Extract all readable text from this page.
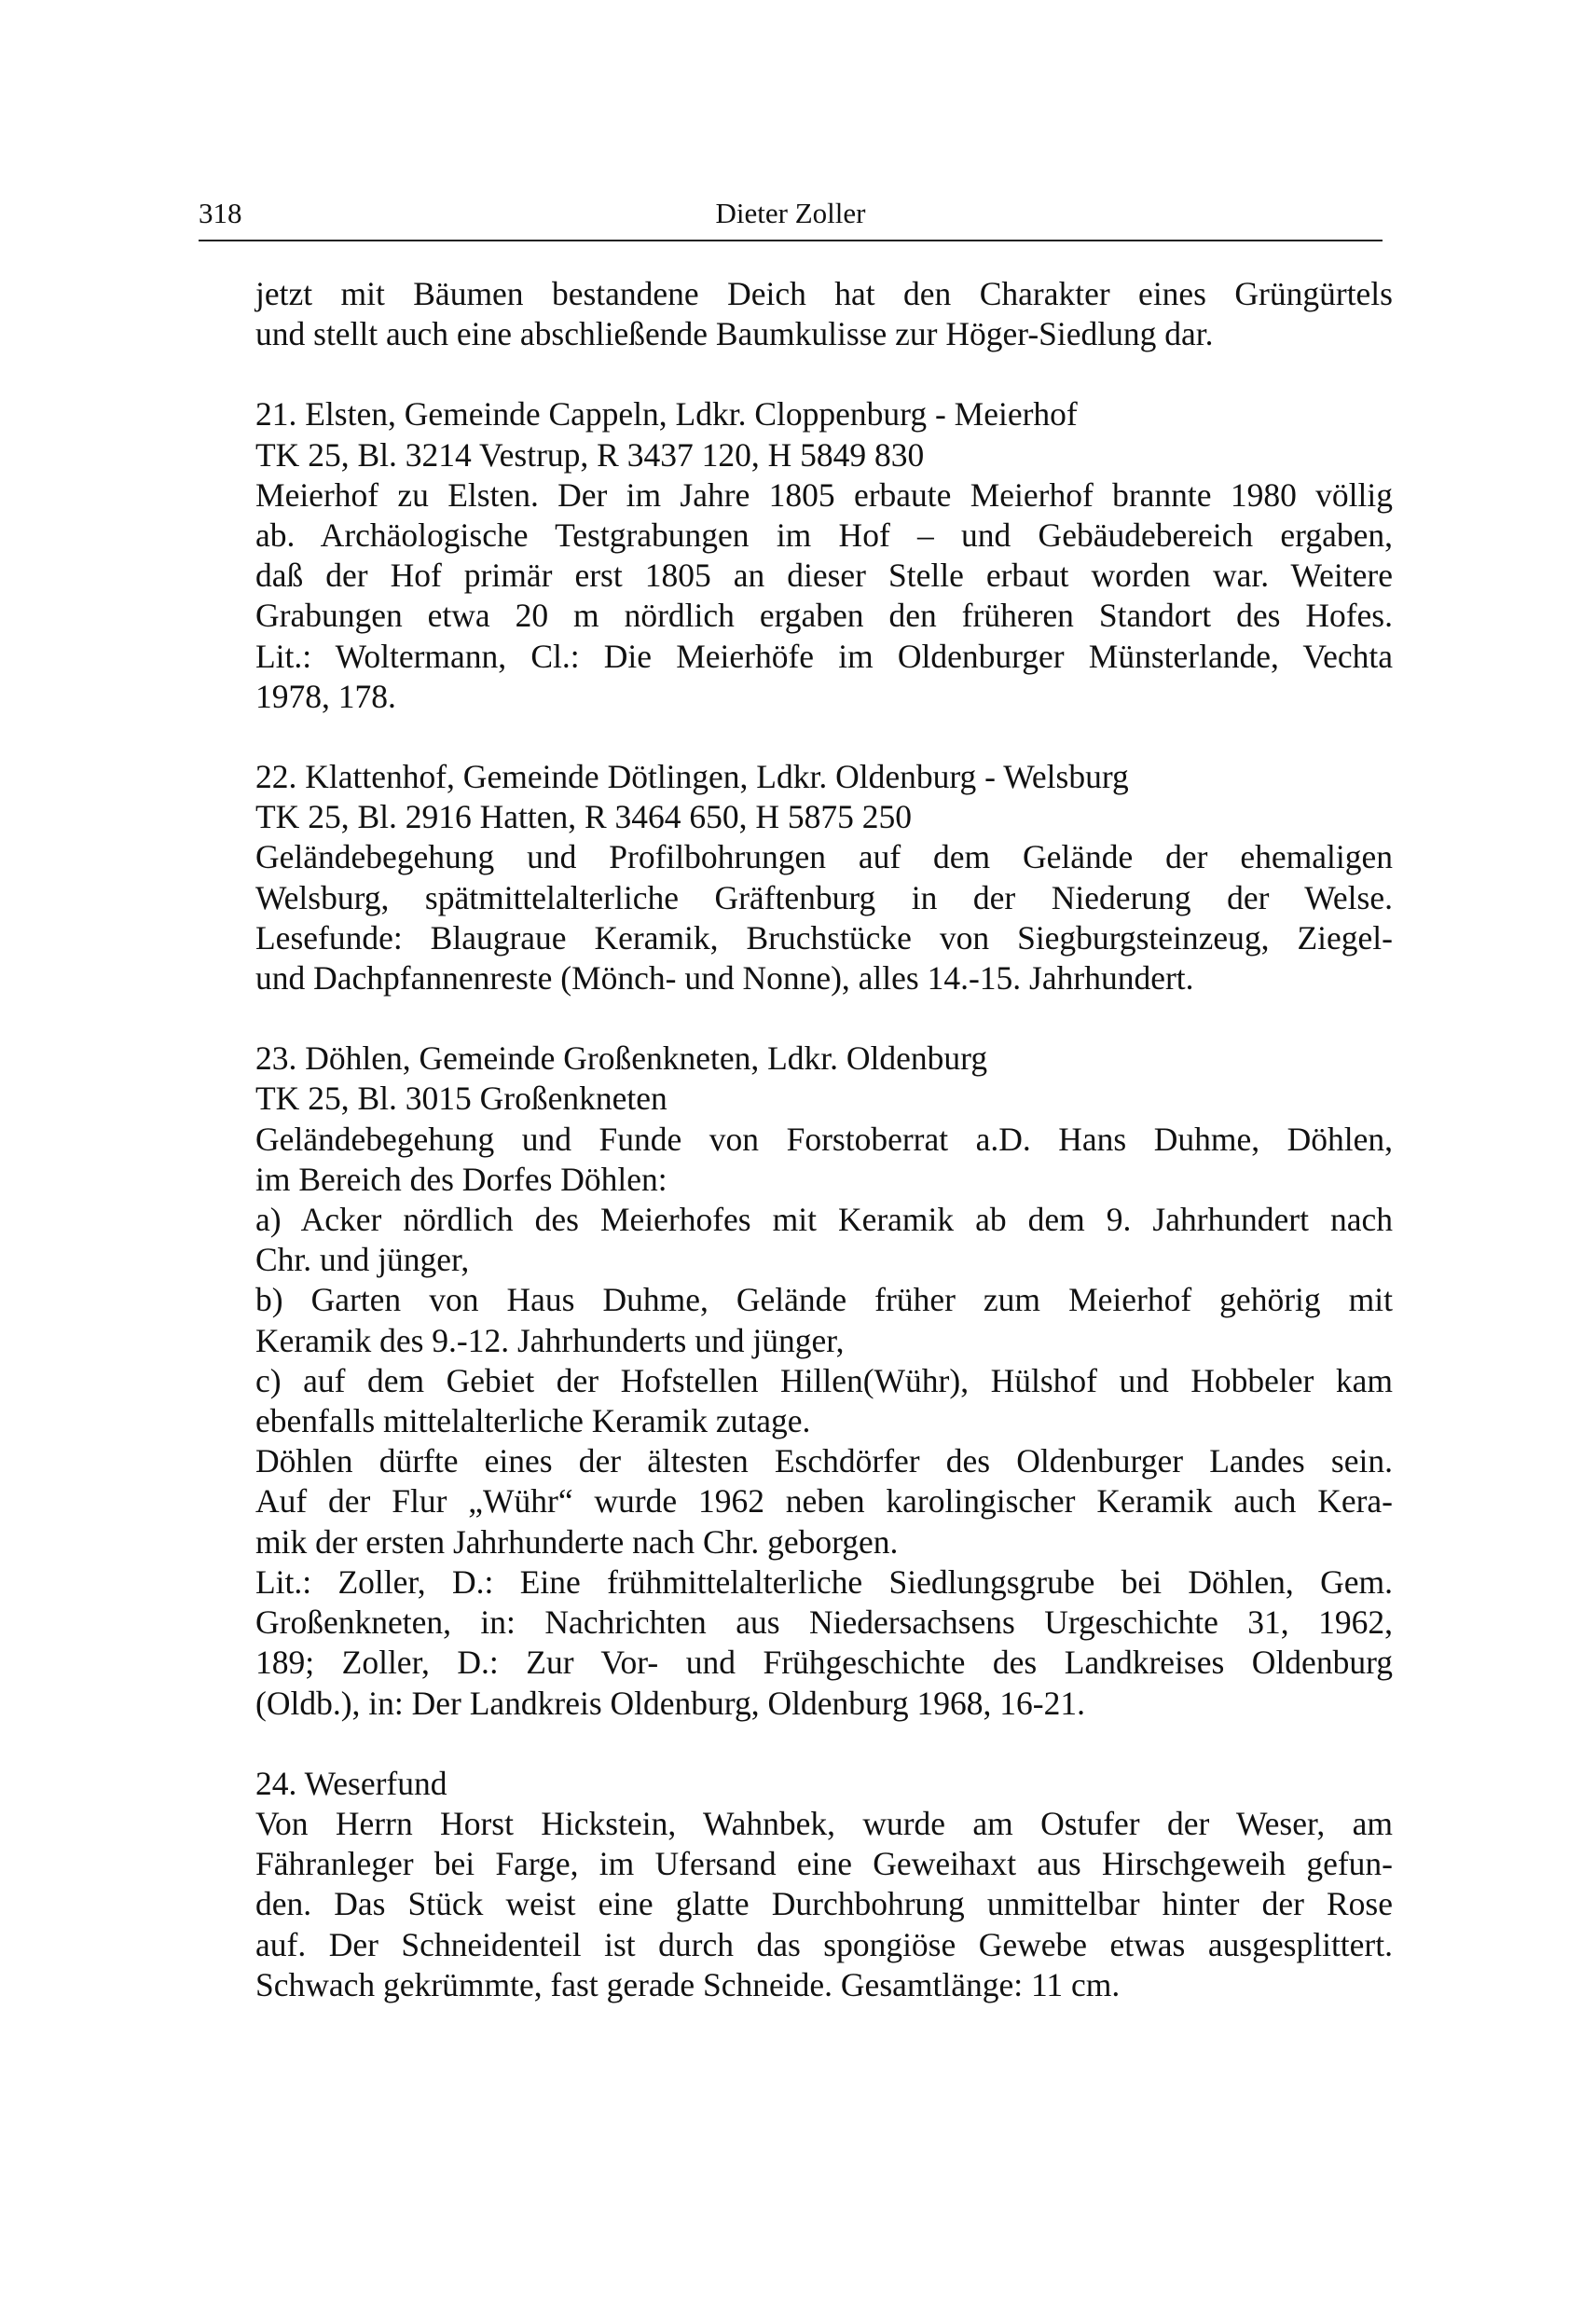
318	Dieter Zoller
jetzt mit Bäumen bestandene Deich hat den Charakter eines Grüngürtels
und stellt auch eine abschließende Baumkulisse zur Höger-Siedlung dar.
21. Elsten, Gemeinde Cappeln, Ldkr. Cloppenburg - Meierhof
TK 25, Bl. 3214 Vestrup, R 3437 120, H 5849 830
Meierhof zu Elsten. Der im Jahre 1805 erbaute Meierhof brannte 1980 völlig
ab. Archäologische Testgrabungen im Hof – und Gebäudebereich ergaben,
daß der Hof primär erst 1805 an dieser Stelle erbaut worden war. Weitere
Grabungen etwa 20 m nördlich ergaben den früheren Standort des Hofes.
Lit.: Woltermann, Cl.: Die Meierhöfe im Oldenburger Münsterlande, Vechta
1978, 178.
22. Klattenhof, Gemeinde Dötlingen, Ldkr. Oldenburg - Welsburg
TK 25, Bl. 2916 Hatten, R 3464 650, H 5875 250
Geländebegehung und Profilbohrungen auf dem Gelände der ehemaligen
Welsburg, spätmittelalterliche Gräftenburg in der Niederung der Welse.
Lesefunde: Blaugraue Keramik, Bruchstücke von Siegburgsteinzeug, Ziegel-
und Dachpfannenreste (Mönch- und Nonne), alles 14.-15. Jahrhundert.
23. Döhlen, Gemeinde Großenkneten, Ldkr. Oldenburg
TK 25, Bl. 3015 Großenkneten
Geländebegehung und Funde von Forstoberrat a.D. Hans Duhme, Döhlen,
im Bereich des Dorfes Döhlen:
a) Acker nördlich des Meierhofes mit Keramik ab dem 9. Jahrhundert nach
Chr. und jünger,
b) Garten von Haus Duhme, Gelände früher zum Meierhof gehörig mit
Keramik des 9.-12. Jahrhunderts und jünger,
c) auf dem Gebiet der Hofstellen Hillen(Wühr), Hülshof und Hobbeler kam
ebenfalls mittelalterliche Keramik zutage.
Döhlen dürfte eines der ältesten Eschdörfer des Oldenburger Landes sein.
Auf der Flur „Wühr“ wurde 1962 neben karolingischer Keramik auch Kera-
mik der ersten Jahrhunderte nach Chr. geborgen.
Lit.: Zoller, D.: Eine frühmittelalterliche Siedlungsgrube bei Döhlen, Gem.
Großenkneten, in: Nachrichten aus Niedersachsens Urgeschichte 31, 1962,
189; Zoller, D.: Zur Vor- und Frühgeschichte des Landkreises Oldenburg
(Oldb.), in: Der Landkreis Oldenburg, Oldenburg 1968, 16-21.
24. Weserfund
Von Herrn Horst Hickstein, Wahnbek, wurde am Ostufer der Weser, am
Fähranleger bei Farge, im Ufersand eine Geweihaxt aus Hirschgeweih gefun-
den. Das Stück weist eine glatte Durchbohrung unmittelbar hinter der Rose
auf. Der Schneidenteil ist durch das spongiöse Gewebe etwas ausgesplittert.
Schwach gekrümmte, fast gerade Schneide. Gesamtlänge: 11 cm.
